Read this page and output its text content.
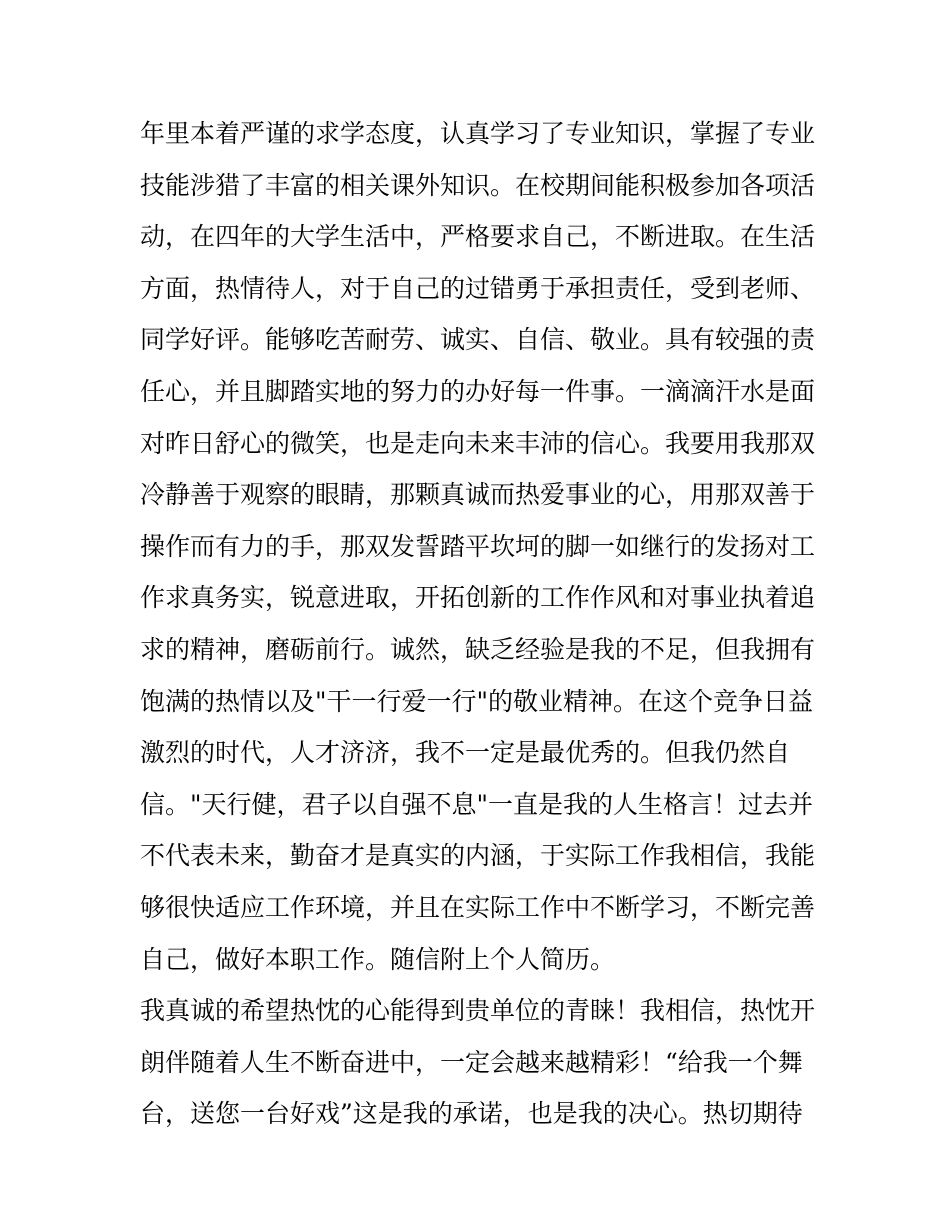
年里本着严谨的求学态度，认真学习了专业知识，掌握了专业
技能涉猎了丰富的相关课外知识。在校期间能积极参加各项活
动，在四年的大学生活中，严格要求自己，不断进取。在生活
方面，热情待人，对于自己的过错勇于承担责任，受到老师、
同学好评。能够吃苦耐劳、诚实、自信、敬业。具有较强的责
任心，并且脚踏实地的努力的办好每一件事。一滴滴汗水是面
对昨日舒心的微笑，也是走向未来丰沛的信心。我要用我那双
冷静善于观察的眼睛，那颗真诚而热爱事业的心，用那双善于
操作而有力的手，那双发誓踏平坎坷的脚一如继行的发扬对工
作求真务实，锐意进取，开拓创新的工作作风和对事业执着追
求的精神，磨砺前行。诚然，缺乏经验是我的不足，但我拥有
饱满的热情以及"干一行爱一行"的敬业精神。在这个竞争日益
激烈的时代，人才济济，我不一定是最优秀的。但我仍然自
信。"天行健，君子以自强不息"一直是我的人生格言！过去并
不代表未来，勤奋才是真实的内涵，于实际工作我相信，我能
够很快适应工作环境，并且在实际工作中不断学习，不断完善
自己，做好本职工作。随信附上个人简历。
我真诚的希望热忱的心能得到贵单位的青睐！我相信，热忱开
朗伴随着人生不断奋进中，一定会越来越精彩！“给我一个舞
台，送您一台好戏”这是我的承诺，也是我的决心。热切期待
